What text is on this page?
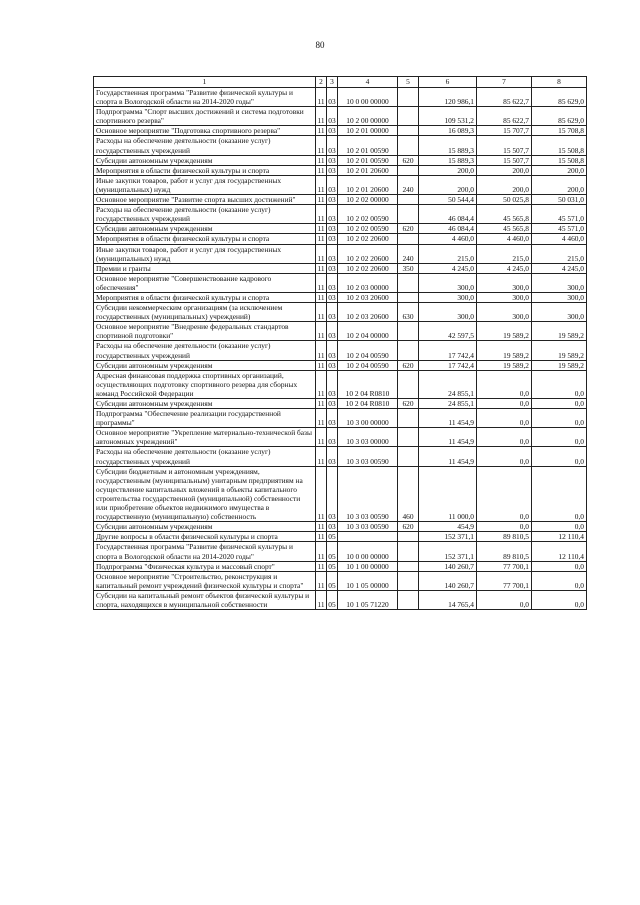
80
1	2	3	4	5	6	7	8
Государственная программа "Развитие физической культуры и спорта в Вологодской области на 2014-2020 годы"	11	03	10 0 00 00000		120 986,1	85 622,7	85 629,0
Подпрограмма "Спорт высших достижений и система подготовки спортивного резерва"	11	03	10 2 00 00000		109 531,2	85 622,7	85 629,0
Основное мероприятие "Подготовка спортивного резерва"	11	03	10 2 01 00000		16 089,3	15 707,7	15 708,8
Расходы на обеспечение деятельности (оказание услуг) государственных учреждений	11	03	10 2 01 00590		15 889,3	15 507,7	15 508,8
Субсидии автономным учреждениям	11	03	10 2 01 00590	620	15 889,3	15 507,7	15 508,8
Мероприятия в области физической культуры и спорта	11	03	10 2 01 20600		200,0	200,0	200,0
Иные закупки товаров, работ и услуг для государственных (муниципальных) нужд	11	03	10 2 01 20600	240	200,0	200,0	200,0
Основное мероприятие "Развитие спорта высших достижений"	11	03	10 2 02 00000		50 544,4	50 025,8	50 031,0
Расходы на обеспечение деятельности (оказание услуг) государственных учреждений	11	03	10 2 02 00590		46 084,4	45 565,8	45 571,0
Субсидии автономным учреждениям	11	03	10 2 02 00590	620	46 084,4	45 565,8	45 571,0
Мероприятия в области физической культуры и спорта	11	03	10 2 02 20600		4 460,0	4 460,0	4 460,0
Иные закупки товаров, работ и услуг для государственных (муниципальных) нужд	11	03	10 2 02 20600	240	215,0	215,0	215,0
Премии и гранты	11	03	10 2 02 20600	350	4 245,0	4 245,0	4 245,0
Основное мероприятие "Совершенствование кадрового обеспечения"	11	03	10 2 03 00000		300,0	300,0	300,0
Мероприятия в области физической культуры и спорта	11	03	10 2 03 20600		300,0	300,0	300,0
Субсидии некоммерческим организациям (за исключением государственных (муниципальных) учреждений)	11	03	10 2 03 20600	630	300,0	300,0	300,0
Основное мероприятие "Внедрение федеральных стандартов спортивной подготовки"	11	03	10 2 04 00000		42 597,5	19 589,2	19 589,2
Расходы на обеспечение деятельности (оказание услуг) государственных учреждений	11	03	10 2 04 00590		17 742,4	19 589,2	19 589,2
Субсидии автономным учреждениям	11	03	10 2 04 00590	620	17 742,4	19 589,2	19 589,2
Адресная финансовая поддержка спортивных организаций, осуществляющих подготовку спортивного резерва для сборных команд Российской Федерации	11	03	10 2 04 R0810		24 855,1	0,0	0,0
Субсидии автономным учреждениям	11	03	10 2 04 R0810	620	24 855,1	0,0	0,0
Подпрограмма "Обеспечение реализации государственной программы"	11	03	10 3 00 00000		11 454,9	0,0	0,0
Основное мероприятие "Укрепление материально-технической базы автономных учреждений"	11	03	10 3 03 00000		11 454,9	0,0	0,0
Расходы на обеспечение деятельности (оказание услуг) государственных учреждений	11	03	10 3 03 00590		11 454,9	0,0	0,0
Субсидии бюджетным и автономным учреждениям, государственным (муниципальным) унитарным предприятиям на осуществление капитальных вложений в объекты капитального строительства государственной (муниципальной) собственности или приобретение объектов недвижимого имущества в государственную (муниципальную) собственность	11	03	10 3 03 00590	460	11 000,0	0,0	0,0
Субсидии автономным учреждениям	11	03	10 3 03 00590	620	454,9	0,0	0,0
Другие вопросы в области физической культуры и спорта	11	05			152 371,1	89 810,5	12 110,4
Государственная программа "Развитие физической культуры и спорта в Вологодской области на 2014-2020 годы"	11	05	10 0 00 00000		152 371,1	89 810,5	12 110,4
Подпрограмма "Физическая культура и массовый спорт"	11	05	10 1 00 00000		140 260,7	77 700,1	0,0
Основное мероприятие "Строительство, реконструкция и капитальный ремонт учреждений физической культуры и спорта"	11	05	10 1 05 00000		140 260,7	77 700,1	0,0
Субсидии на капитальный ремонт объектов физической культуры и спорта, находящихся в муниципальной собственности	11	05	10 1 05 71220		14 765,4	0,0	0,0
